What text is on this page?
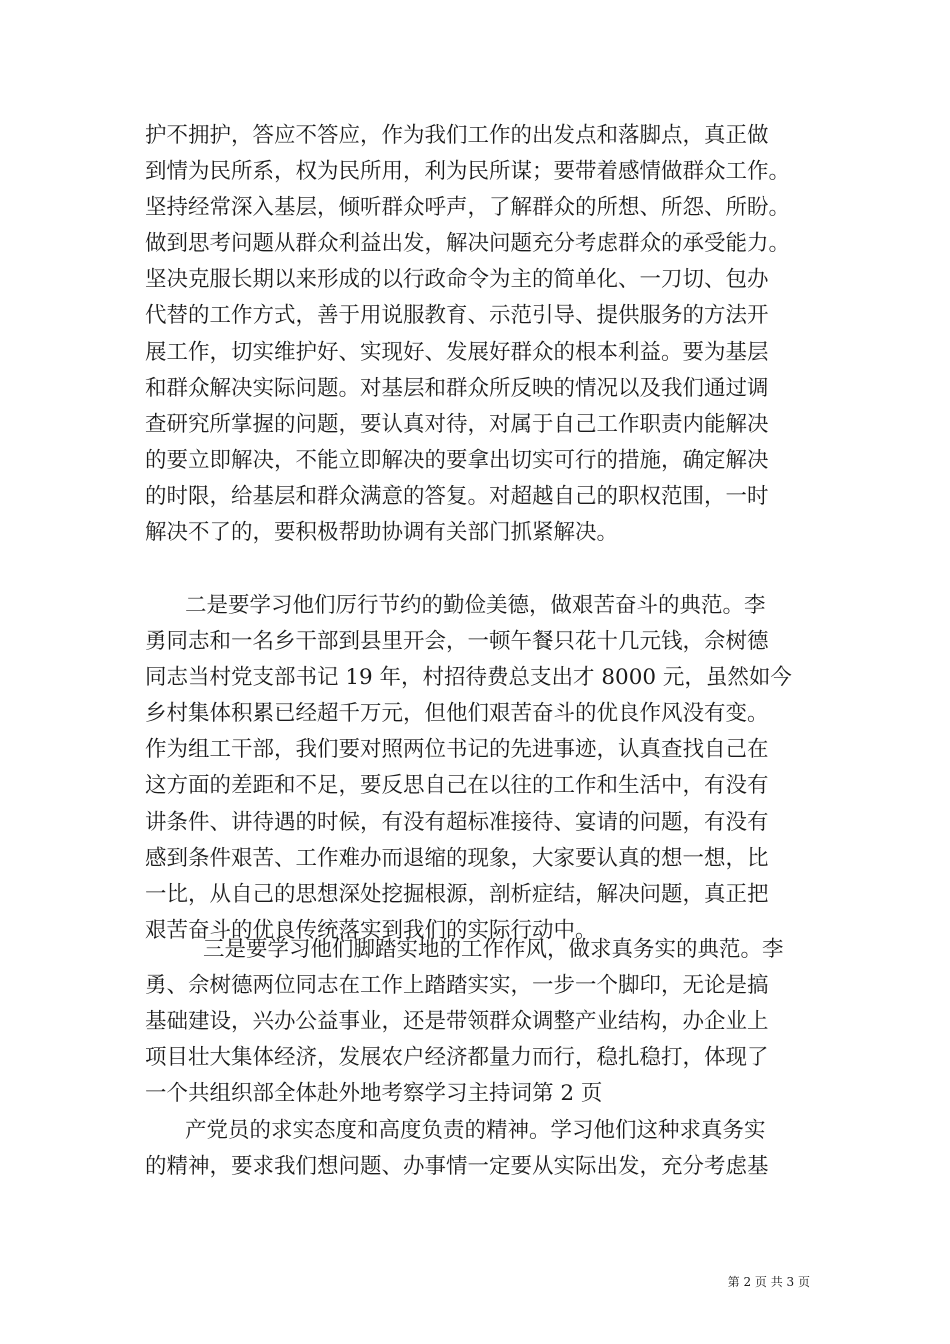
护不拥护，答应不答应，作为我们工作的出发点和落脚点，真正做
到情为民所系，权为民所用，利为民所谋；要带着感情做群众工作。
坚持经常深入基层，倾听群众呼声，了解群众的所想、所怨、所盼。
做到思考问题从群众利益出发，解决问题充分考虑群众的承受能力。
坚决克服长期以来形成的以行政命令为主的简单化、一刀切、包办
代替的工作方式，善于用说服教育、示范引导、提供服务的方法开
展工作，切实维护好、实现好、发展好群众的根本利益。要为基层
和群众解决实际问题。对基层和群众所反映的情况以及我们通过调
查研究所掌握的问题，要认真对待，对属于自己工作职责内能解决
的要立即解决，不能立即解决的要拿出切实可行的措施，确定解决
的时限，给基层和群众满意的答复。对超越自己的职权范围，一时
解决不了的，要积极帮助协调有关部门抓紧解决。
二是要学习他们厉行节约的勤俭美德，做艰苦奋斗的典范。李
勇同志和一名乡干部到县里开会，一顿午餐只花十几元钱，佘树德
同志当村党支部书记 19 年，村招待费总支出才 8000 元，虽然如今
乡村集体积累已经超千万元，但他们艰苦奋斗的优良作风没有变。
作为组工干部，我们要对照两位书记的先进事迹，认真查找自己在
这方面的差距和不足，要反思自己在以往的工作和生活中，有没有
讲条件、讲待遇的时候，有没有超标准接待、宴请的问题，有没有
感到条件艰苦、工作难办而退缩的现象，大家要认真的想一想，比
一比，从自己的思想深处挖掘根源，剖析症结，解决问题，真正把
艰苦奋斗的优良传统落实到我们的实际行动中。
三是要学习他们脚踏实地的工作作风，做求真务实的典范。李
勇、佘树德两位同志在工作上踏踏实实，一步一个脚印，无论是搞
基础建设，兴办公益事业，还是带领群众调整产业结构，办企业上
项目壮大集体经济，发展农户经济都量力而行，稳扎稳打，体现了
一个共组织部全体赴外地考察学习主持词第 2 页
产党员的求实态度和高度负责的精神。学习他们这种求真务实
的精神，要求我们想问题、办事情一定要从实际出发，充分考虑基
第 2 页 共 3 页
